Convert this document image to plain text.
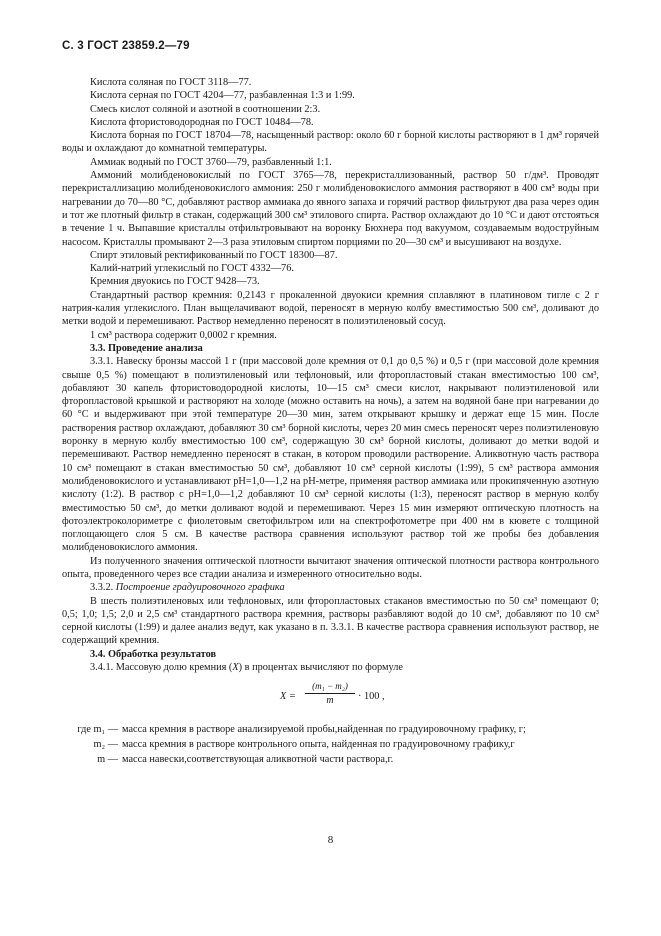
С. 3 ГОСТ 23859.2—79

Кислота соляная по ГОСТ 3118—77.

Кислота серная по ГОСТ 4204—77, разбавленная 1:3 и 1:99.

Смесь кислот соляной и азотной в соотношении 2:3.

Кислота фтористоводородная по ГОСТ 10484—78.

Кислота борная по ГОСТ 18704—78, насыщенный раствор: около 60 г борной кислоты растворяют в 1 дм³ горячей воды и охлаждают до комнатной температуры.

Аммиак водный по ГОСТ 3760—79, разбавленный 1:1.

Аммоний молибденовокислый по ГОСТ 3765—78, перекристаллизованный, раствор 50 г/дм³. Проводят перекристаллизацию молибденовокислого аммония: 250 г молибденовокислого аммония растворяют в 400 см³ воды при нагревании до 70—80 °С, добавляют раствор аммиака до явного запаха и горячий раствор фильтруют два раза через один и тот же плотный фильтр в стакан, содержащий 300 см³ этилового спирта. Раствор охлаждают до 10 °С и дают отстояться в течение 1 ч. Выпавшие кристаллы отфильтровывают на воронку Бюхнера под вакуумом, создаваемым водоструйным насосом. Кристаллы промывают 2—3 раза этиловым спиртом порциями по 20—30 см³ и высушивают на воздухе.

Спирт этиловый ректификованный по ГОСТ 18300—87.

Калий-натрий углекислый по ГОСТ 4332—76.

Кремния двуокись по ГОСТ 9428—73.

Стандартный раствор кремния: 0,2143 г прокаленной двуокиси кремния сплавляют в платиновом тигле с 2 г натрия-калия углекислого. План выщелачивают водой, переносят в мерную колбу вместимостью 500 см³, доливают до метки водой и перемешивают. Раствор немедленно переносят в полиэтиленовый сосуд.

1 см³ раствора содержит 0,0002 г кремния.

3.3. Проведение анализа

3.3.1. Навеску бронзы массой 1 г (при массовой доле кремния от 0,1 до 0,5 %) и 0,5 г (при массовой доле кремния свыше 0,5 %) помещают в полиэтиленовый или тефлоновый, или фторопластовый стакан вместимостью 100 см³, добавляют 30 капель фтористоводородной кислоты, 10—15 см³ смеси кислот, накрывают полиэтиленовой или фторопластовой крышкой и растворяют на холоде (можно оставить на ночь), а затем на водяной бане при нагревании до 60 °С и выдерживают при этой температуре 20—30 мин, затем открывают крышку и держат еще 15 мин. После растворения раствор охлаждают, добавляют 30 см³ борной кислоты, через 20 мин смесь переносят через полиэтиленовую воронку в мерную колбу вместимостью 100 см³, содержащую 30 см³ борной кислоты, доливают до метки водой и перемешивают. Раствор немедленно переносят в стакан, в котором проводили растворение. Аликвотную часть раствора 10 см³ помещают в стакан вместимостью 50 см³, добавляют 10 см³ серной кислоты (1:99), 5 см³ раствора аммония молибденовокислого и устанавливают pH=1,0—1,2 на pH-метре, применяя раствор аммиака или прокипяченную азотную кислоту (1:2). В раствор с pH=1,0—1,2 добавляют 10 см³ серной кислоты (1:3), переносят раствор в мерную колбу вместимостью 50 см³, до метки доливают водой и перемешивают. Через 15 мин измеряют оптическую плотность на фотоэлектроколориметре с фиолетовым светофильтром или на спектрофотометре при 400 нм в кювете с толщиной поглощающего слоя 5 см. В качестве раствора сравнения используют раствор той же пробы без добавления молибденовокислого аммония.

Из полученного значения оптической плотности вычитают значения оптической плотности раствора контрольного опыта, проведенного через все стадии анализа и измеренного относительно воды.

3.3.2. Построение градуировочного графика

В шесть полиэтиленовых или тефлоновых, или фторопластовых стаканов вместимостью по 50 см³ помещают 0; 0,5; 1,0; 1,5; 2,0 и 2,5 см³ стандартного раствора кремния, растворы разбавляют водой до 10 см³, добавляют по 10 см³ серной кислоты (1:99) и далее анализ ведут, как указано в п. 3.3.1. В качестве раствора сравнения используют раствор, не содержащий кремния.

3.4. Обработка результатов

3.4.1. Массовую долю кремния (X) в процентах вычисляют по формуле

X =
(m₁ − m₂)
m	· 100 ,
где m₁ — масса кремния в растворе анализируемой пробы,найденная по градуировочному графику, г;
m₂ — масса кремния в растворе контрольного опыта, найденная по градуировочному графику,г
m — масса навески,соответствующая аликвотной части раствора,г.
8
